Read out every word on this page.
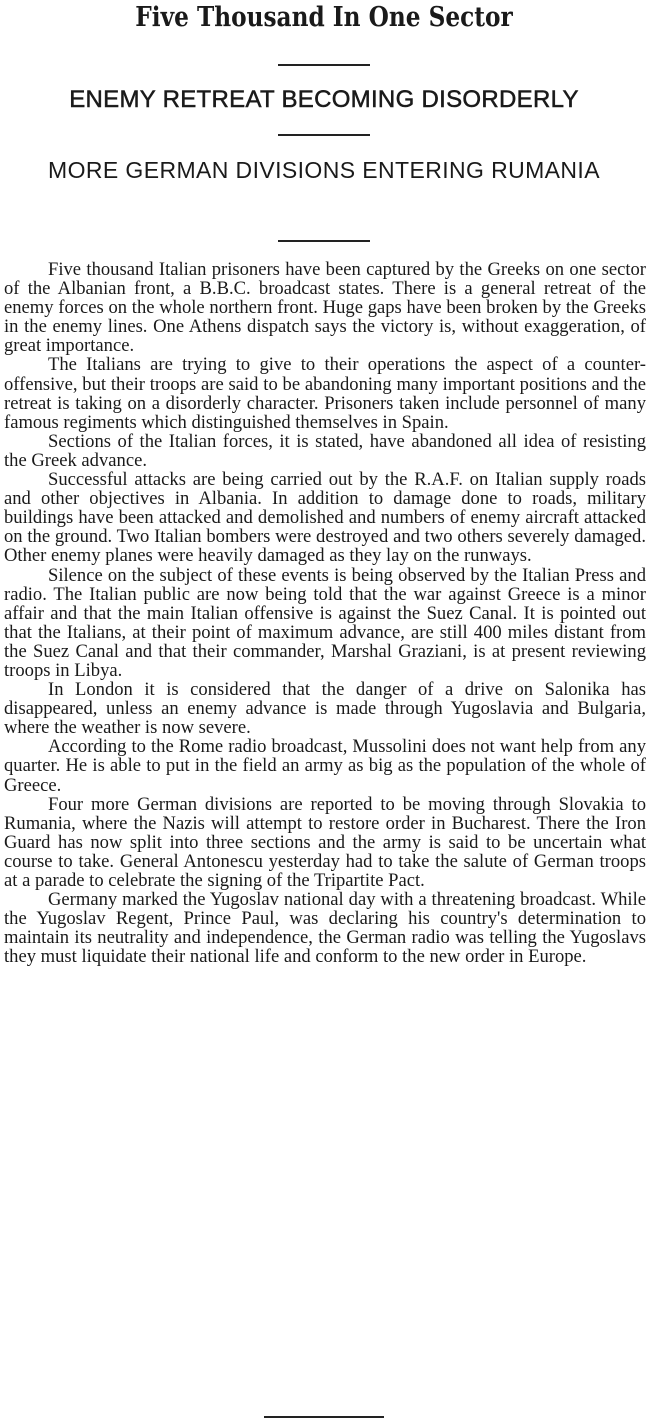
Five Thousand In One Sector
ENEMY RETREAT BECOMING DISORDERLY
MORE GERMAN DIVISIONS ENTERING RUMANIA

Five thousand Italian prisoners have been captured by the Greeks on one sector of the Albanian front, a B.B.C. broadcast states. There is a general retreat of the enemy forces on the whole northern front. Huge gaps have been broken by the Greeks in the enemy lines. One Athens dispatch says the victory is, without exaggeration, of great importance.

The Italians are trying to give to their operations the aspect of a counter-offensive, but their troops are said to be abandoning many important positions and the retreat is taking on a disorderly character. Prisoners taken include personnel of many famous regiments which distinguished themselves in Spain.

Sections of the Italian forces, it is stated, have abandoned all idea of resisting the Greek advance.

Successful attacks are being carried out by the R.A.F. on Italian supply roads and other objectives in Albania. In addition to damage done to roads, military buildings have been attacked and demolished and numbers of enemy aircraft attacked on the ground. Two Italian bombers were destroyed and two others severely damaged. Other enemy planes were heavily damaged as they lay on the runways.

Silence on the subject of these events is being observed by the Italian Press and radio. The Italian public are now being told that the war against Greece is a minor affair and that the main Italian offensive is against the Suez Canal. It is pointed out that the Italians, at their point of maximum advance, are still 400 miles distant from the Suez Canal and that their commander, Marshal Graziani, is at present reviewing troops in Libya.

In London it is considered that the danger of a drive on Salonika has disappeared, unless an enemy advance is made through Yugoslavia and Bulgaria, where the weather is now severe.

According to the Rome radio broadcast, Mussolini does not want help from any quarter. He is able to put in the field an army as big as the population of the whole of Greece.

Four more German divisions are reported to be moving through Slovakia to Rumania, where the Nazis will attempt to restore order in Bucharest. There the Iron Guard has now split into three sections and the army is said to be uncertain what course to take. General Antonescu yesterday had to take the salute of German troops at a parade to celebrate the signing of the Tripartite Pact.

Germany marked the Yugoslav national day with a threatening broadcast. While the Yugoslav Regent, Prince Paul, was declaring his country's determination to maintain its neutrality and independence, the German radio was telling the Yugoslavs they must liquidate their national life and conform to the new order in Europe.
